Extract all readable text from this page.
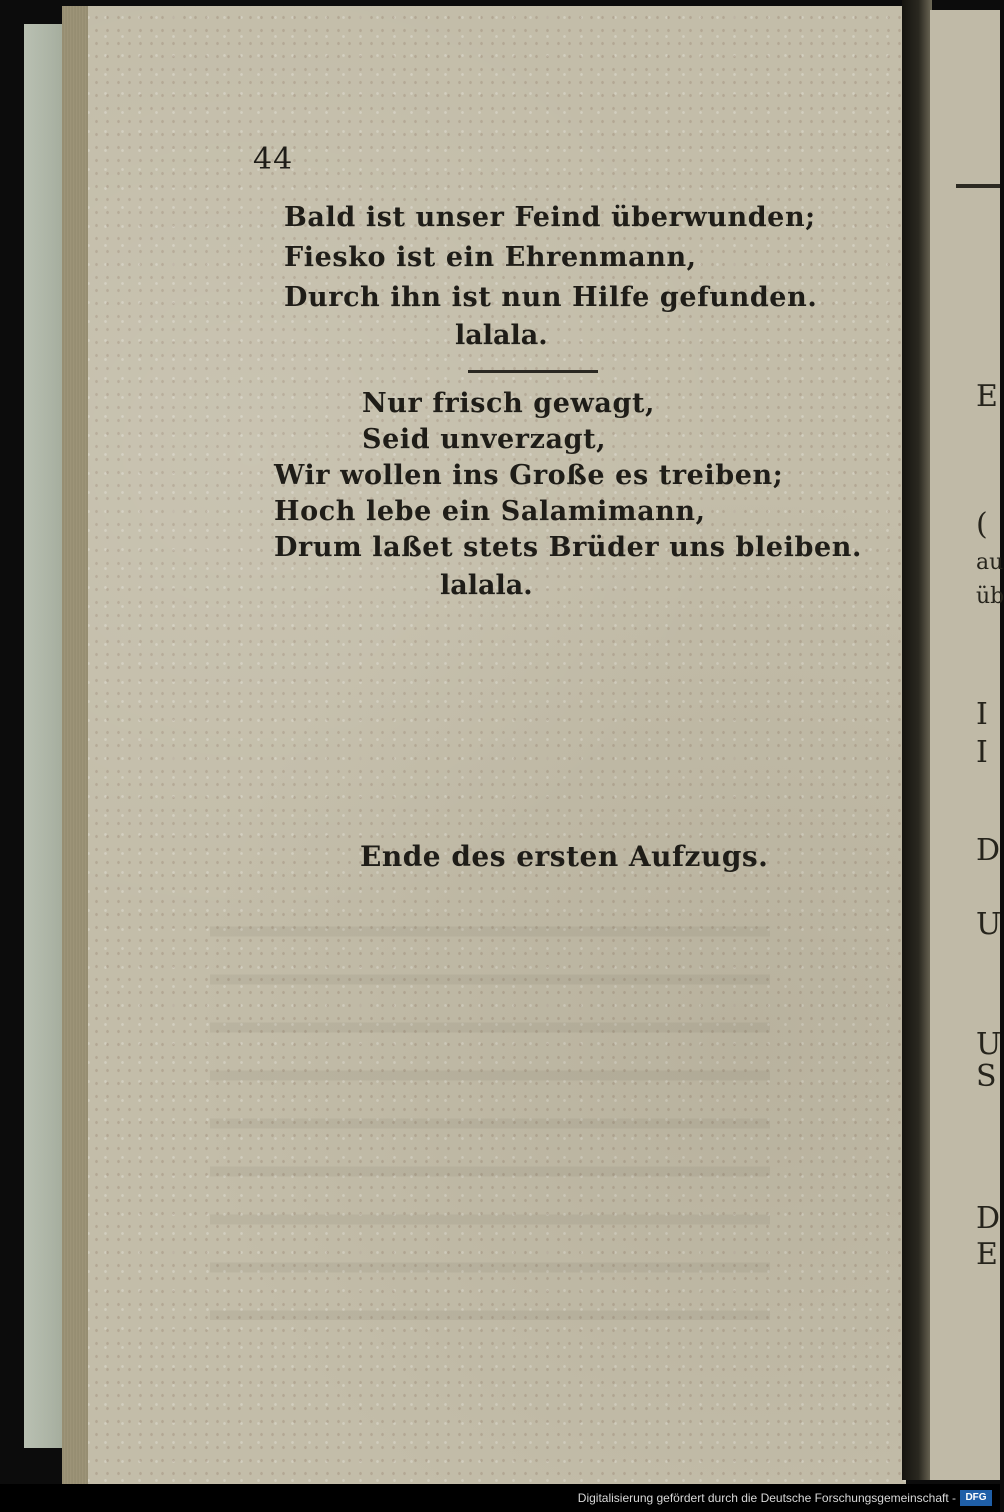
44

Bald ist unser Feind überwunden;

Fiesko ist ein Ehrenmann,

Durch ihn ist nun Hilfe gefunden.

lalala.

Nur frisch gewagt,

Seid unverzagt,

Wir wollen ins Große es treiben;

Hoch lebe ein Salamimann,

Drum laßet stets Brüder uns bleiben.

lalala.

Ende des ersten Aufzugs.

E

(

au

üb

I

I

D

U

U

S

D

E

Digitalisierung gefördert durch die Deutsche Forschungsgemeinschaft - DFG
